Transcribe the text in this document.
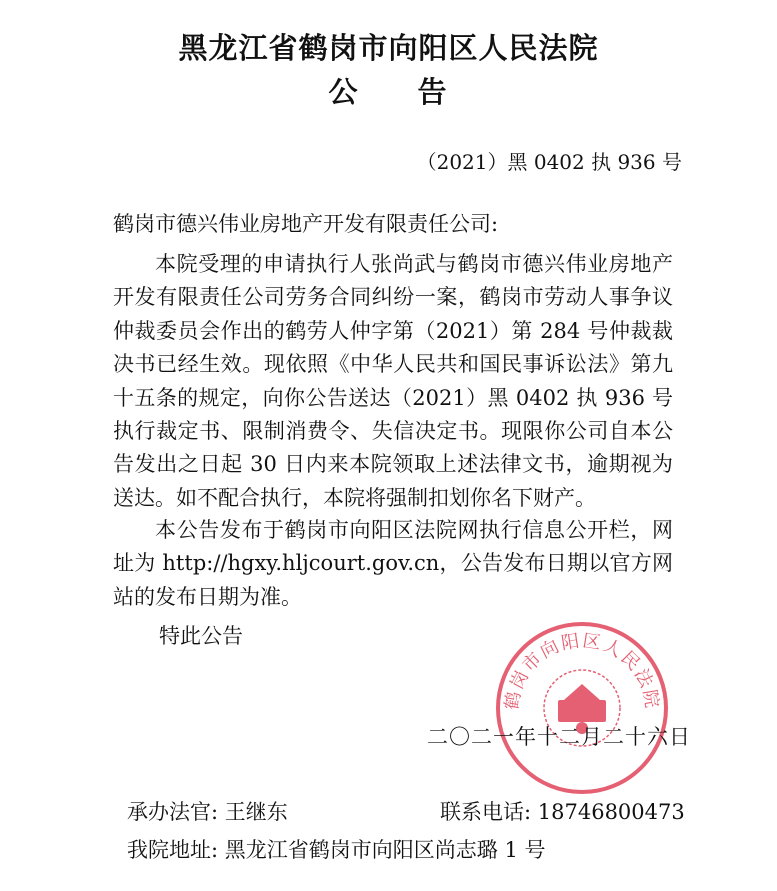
黑龙江省鹤岗市向阳区人民法院
公 告
（2021）黑 0402 执 936 号
鹤岗市德兴伟业房地产开发有限责任公司:

本院受理的申请执行人张尚武与鹤岗市德兴伟业房地产开发有限责任公司劳务合同纠纷一案，鹤岗市劳动人事争议仲裁委员会作出的鹤劳人仲字第（2021）第 284 号仲裁裁决书已经生效。现依照《中华人民共和国民事诉讼法》第九十五条的规定，向你公告送达（2021）黑 0402 执 936 号执行裁定书、限制消费令、失信决定书。现限你公司自本公告发出之日起 30 日内来本院领取上述法律文书，逾期视为送达。如不配合执行，本院将强制扣划你名下财产。

本公告发布于鹤岗市向阳区法院网执行信息公开栏，网址为 http://hgxy.hljcourt.gov.cn，公告发布日期以官方网站的发布日期为准。

特此公告
鹤岗市向阳区人民法院
二〇二一年十二月二十六日
承办法官: 王继东	联系电话: 18746800473
我院地址: 黑龙江省鹤岗市向阳区尚志璐 1 号
